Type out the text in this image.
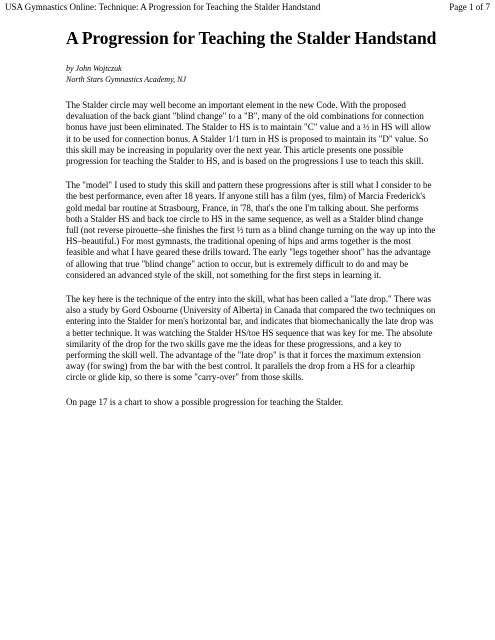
USA Gymnastics Online: Technique: A Progression for Teaching the Stalder Handstand	Page 1 of 7
A Progression for Teaching the Stalder Handstand
by John Wojtczuk
North Stars Gymnastics Academy, NJ

The Stalder circle may well become an important element in the new Code. With the proposed devaluation of the back giant "blind change" to a "B", many of the old combinations for connection bonus have just been eliminated. The Stalder to HS is to maintain "C" value and a ½ in HS will allow it to be used for connection bonus. A Stalder 1/1 turn in HS is proposed to maintain its "D" value. So this skill may be increasing in popularity over the next year. This article presents one possible progression for teaching the Stalder to HS, and is based on the progressions I use to teach this skill.

The "model" I used to study this skill and pattern these progressions after is still what I consider to be the best performance, even after 18 years. If anyone still has a film (yes, film) of Marcia Frederick's gold medal bar routine at Strasbourg, France, in '78, that's the one I'm talking about. She performs both a Stalder HS and back toe circle to HS in the same sequence, as well as a Stalder blind change full (not reverse pirouette–she finishes the first ½ turn as a blind change turning on the way up into the HS–beautiful.) For most gymnasts, the traditional opening of hips and arms together is the most feasible and what I have geared these drills toward. The early "legs together shoot" has the advantage of allowing that true "blind change" action to occur, but is extremely difficult to do and may be considered an advanced style of the skill, not something for the first steps in learning it.

The key here is the technique of the entry into the skill, what has been called a "late drop." There was also a study by Gord Osbourne (University of Alberta) in Canada that compared the two techniques on entering into the Stalder for men's horizontal bar, and indicates that biomechanically the late drop was a better technique. It was watching the Stalder HS/toe HS sequence that was key for me. The absolute similarity of the drop for the two skills gave me the ideas for these progressions, and a key to performing the skill well. The advantage of the "late drop" is that it forces the maximum extension away (for swing) from the bar with the best control. It parallels the drop from a HS for a clearhip circle or glide kip, so there is some "carry-over" from those skills.

On page 17 is a chart to show a possible progression for teaching the Stalder.
